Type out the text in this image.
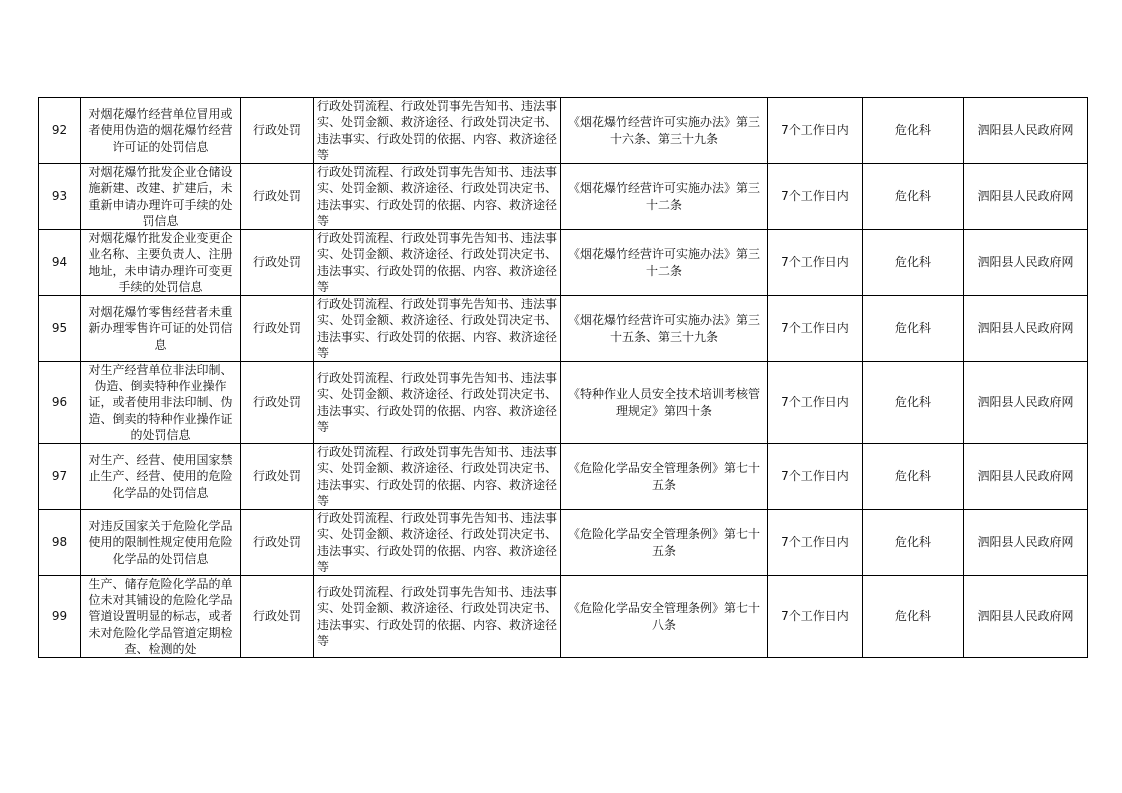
92	对烟花爆竹经营单位冒用或者使用伪造的烟花爆竹经营许可证的处罚信息	行政处罚	行政处罚流程、行政处罚事先告知书、违法事实、处罚金额、救济途径、行政处罚决定书、违法事实、行政处罚的依据、内容、救济途径等	《烟花爆竹经营许可实施办法》第三十六条、第三十九条	7个工作日内	危化科	泗阳县人民政府网
93	对烟花爆竹批发企业仓储设施新建、改建、扩建后，未重新申请办理许可手续的处罚信息	行政处罚	行政处罚流程、行政处罚事先告知书、违法事实、处罚金额、救济途径、行政处罚决定书、违法事实、行政处罚的依据、内容、救济途径等	《烟花爆竹经营许可实施办法》第三十二条	7个工作日内	危化科	泗阳县人民政府网
94	对烟花爆竹批发企业变更企业名称、主要负责人、注册地址，未申请办理许可变更手续的处罚信息	行政处罚	行政处罚流程、行政处罚事先告知书、违法事实、处罚金额、救济途径、行政处罚决定书、违法事实、行政处罚的依据、内容、救济途径等	《烟花爆竹经营许可实施办法》第三十二条	7个工作日内	危化科	泗阳县人民政府网
95	对烟花爆竹零售经营者未重新办理零售许可证的处罚信息	行政处罚	行政处罚流程、行政处罚事先告知书、违法事实、处罚金额、救济途径、行政处罚决定书、违法事实、行政处罚的依据、内容、救济途径等	《烟花爆竹经营许可实施办法》第三十五条、第三十九条	7个工作日内	危化科	泗阳县人民政府网
96	对生产经营单位非法印制、伪造、倒卖特种作业操作证，或者使用非法印制、伪造、倒卖的特种作业操作证的处罚信息	行政处罚	行政处罚流程、行政处罚事先告知书、违法事实、处罚金额、救济途径、行政处罚决定书、违法事实、行政处罚的依据、内容、救济途径等	《特种作业人员安全技术培训考核管理规定》第四十条	7个工作日内	危化科	泗阳县人民政府网
97	对生产、经营、使用国家禁止生产、经营、使用的危险化学品的处罚信息	行政处罚	行政处罚流程、行政处罚事先告知书、违法事实、处罚金额、救济途径、行政处罚决定书、违法事实、行政处罚的依据、内容、救济途径等	《危险化学品安全管理条例》第七十五条	7个工作日内	危化科	泗阳县人民政府网
98	对违反国家关于危险化学品使用的限制性规定使用危险化学品的处罚信息	行政处罚	行政处罚流程、行政处罚事先告知书、违法事实、处罚金额、救济途径、行政处罚决定书、违法事实、行政处罚的依据、内容、救济途径等	《危险化学品安全管理条例》第七十五条	7个工作日内	危化科	泗阳县人民政府网
99	生产、储存危险化学品的单位未对其铺设的危险化学品管道设置明显的标志，或者未对危险化学品管道定期检查、检测的处	行政处罚	行政处罚流程、行政处罚事先告知书、违法事实、处罚金额、救济途径、行政处罚决定书、违法事实、行政处罚的依据、内容、救济途径等	《危险化学品安全管理条例》第七十八条	7个工作日内	危化科	泗阳县人民政府网
